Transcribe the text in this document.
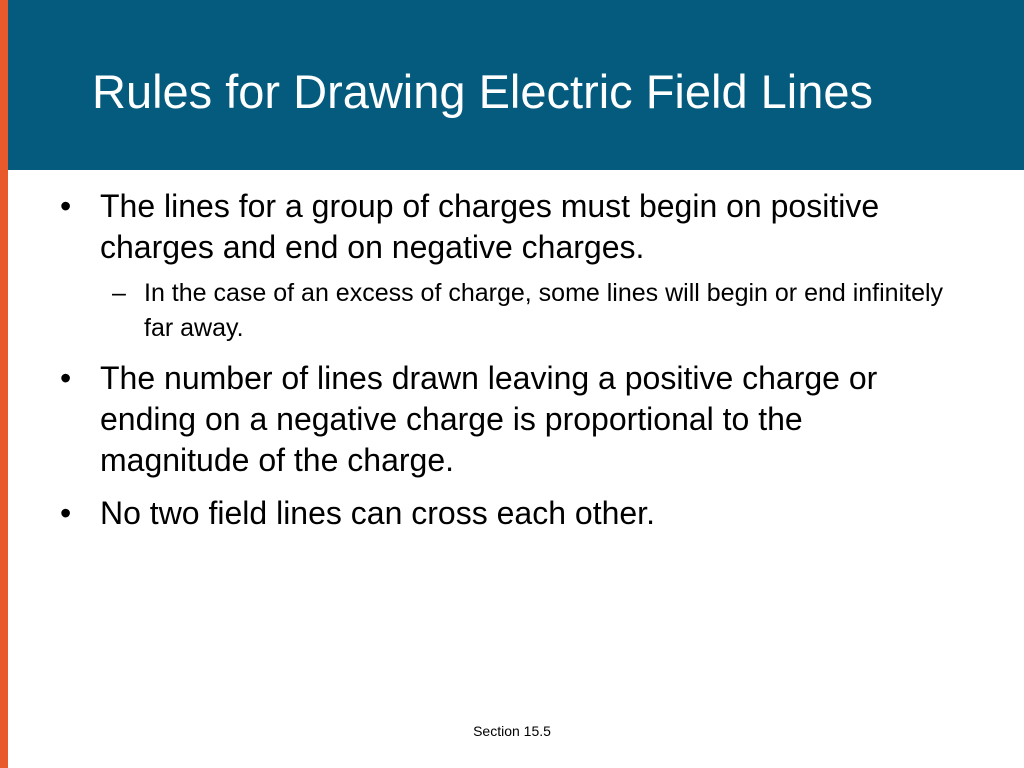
Rules for Drawing Electric Field Lines
• The lines for a group of charges must begin on positive charges and end on negative charges.
– In the case of an excess of charge, some lines will begin or end infinitely far away.
• The number of lines drawn leaving a positive charge or ending on a negative charge is proportional to the magnitude of the charge.
• No two field lines can cross each other.
Section 15.5
